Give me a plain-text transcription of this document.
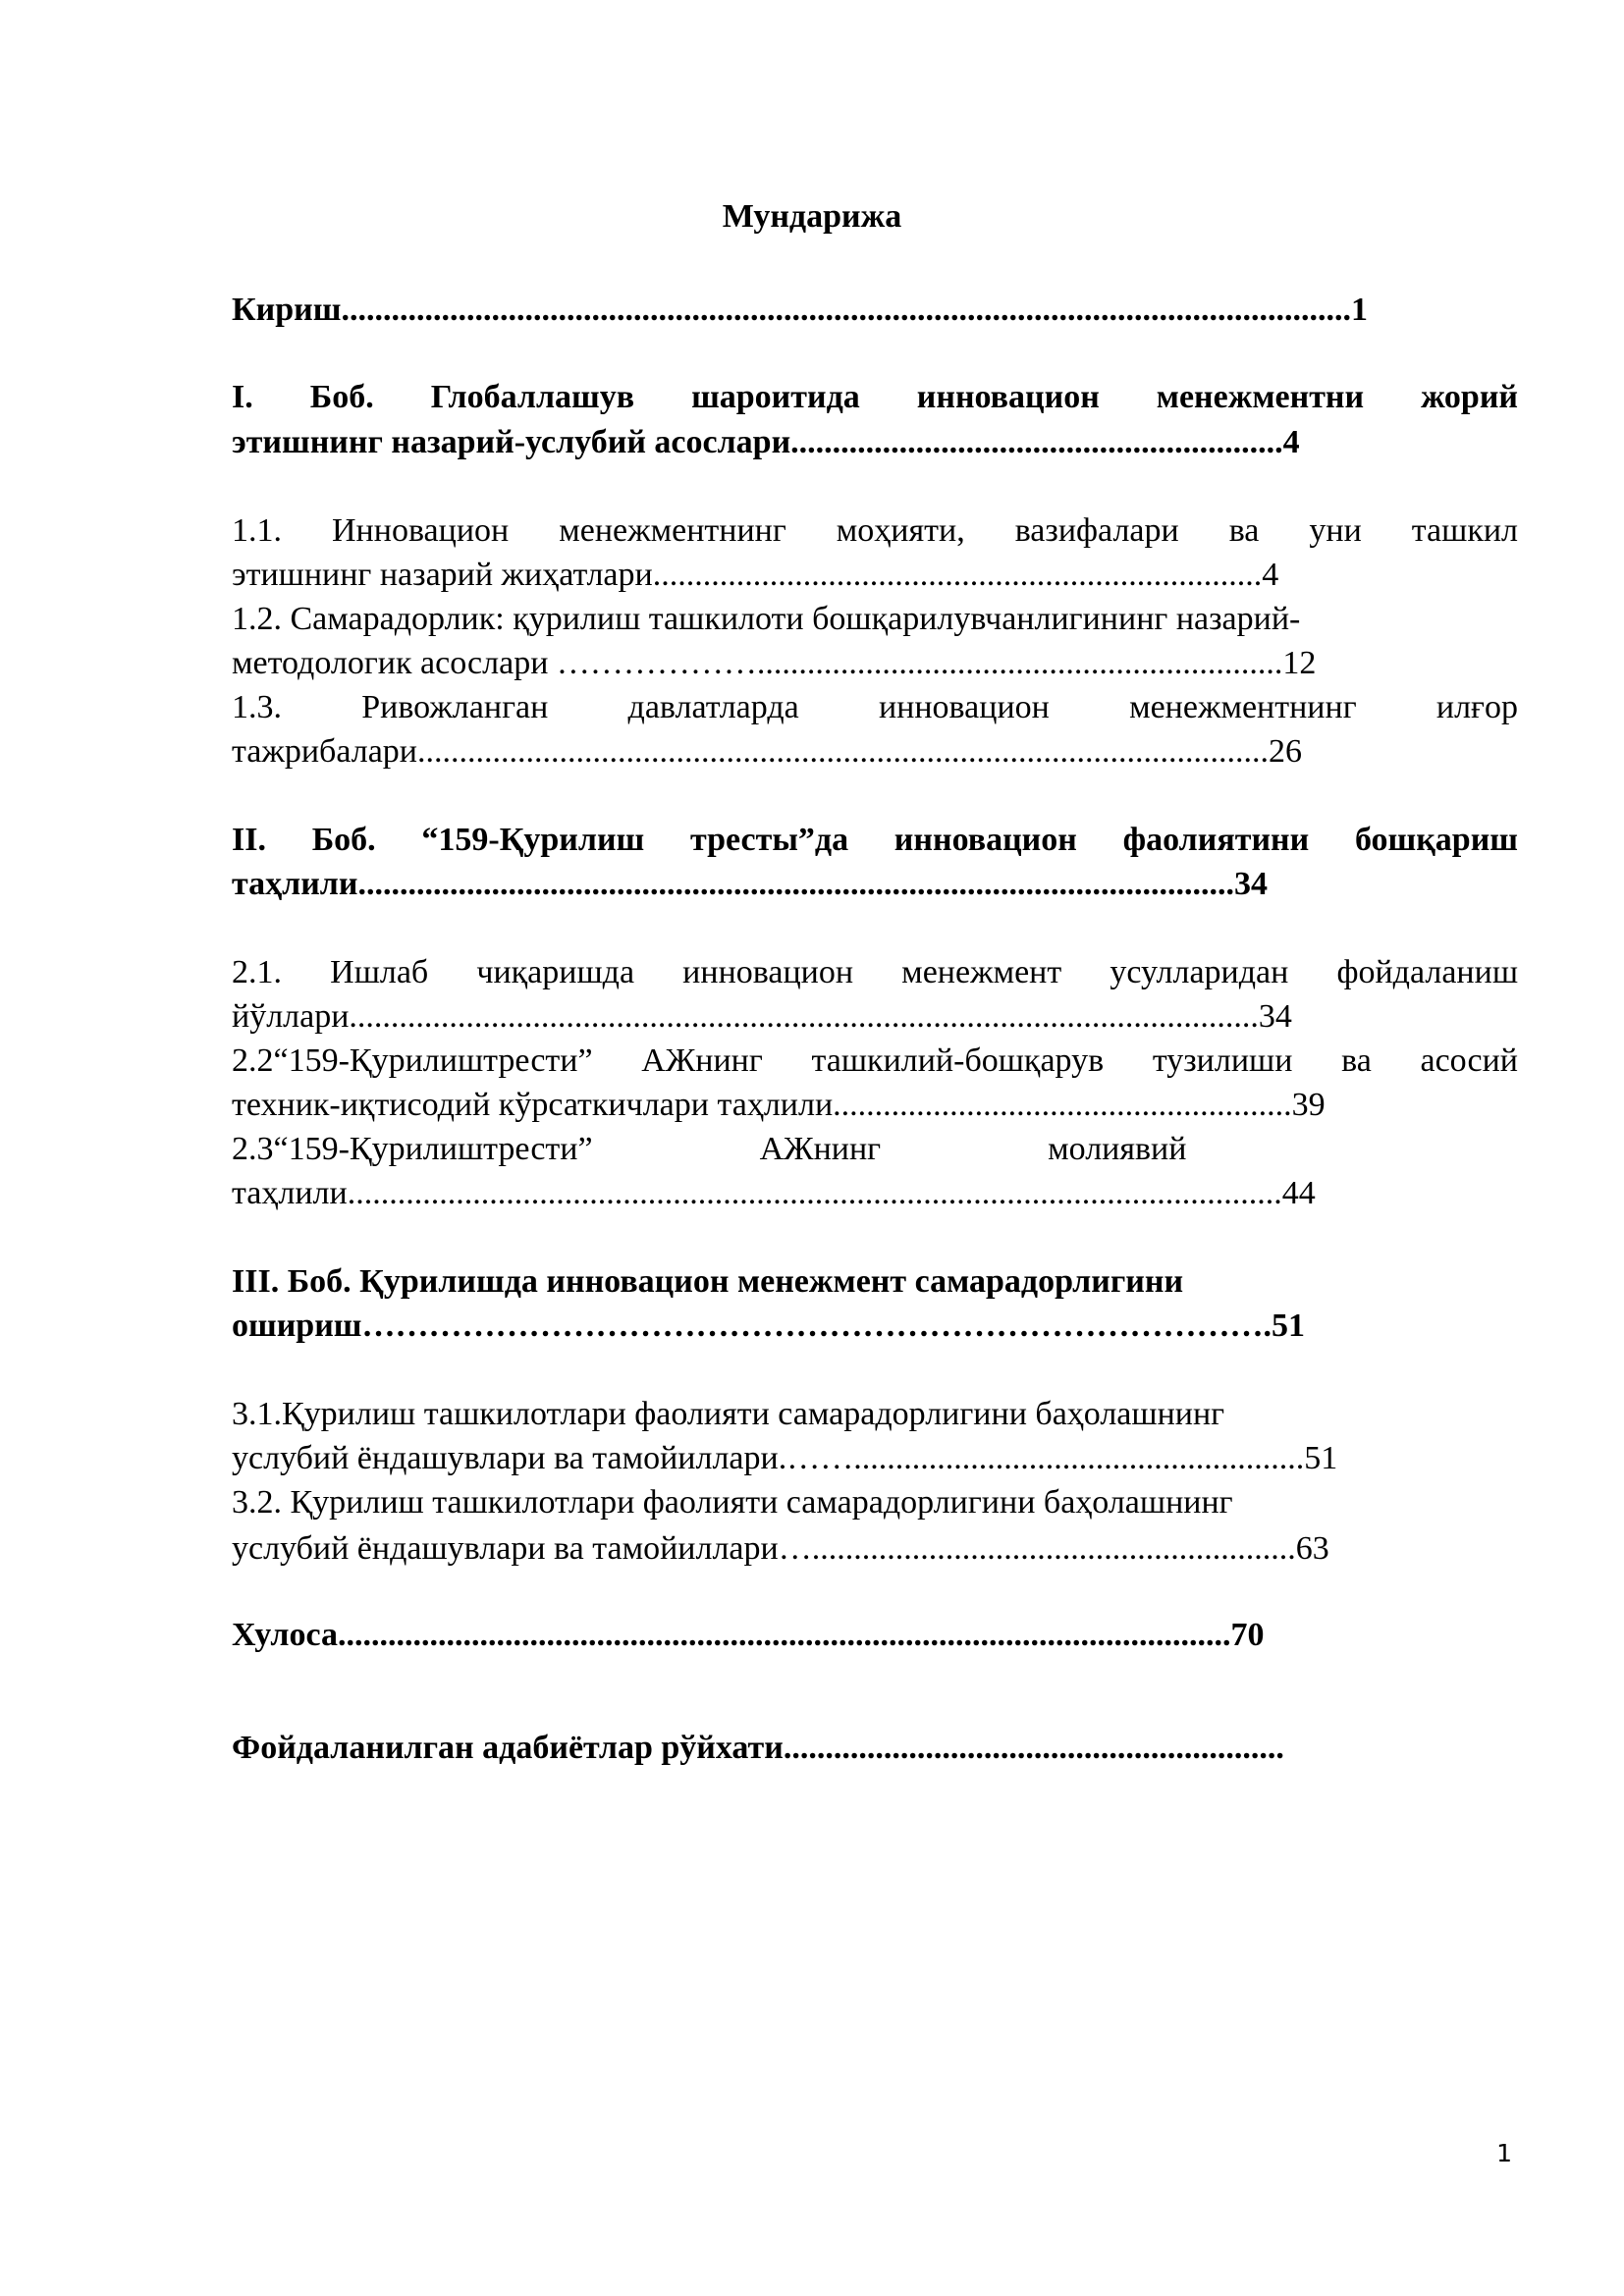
Мундарижа
Кириш.........................................................................................................................1
I. Боб. Глобаллашув шароитида инновацион менежментни жорий
этишнинг назарий-услубий асослари...........................................................4
1.1. Инновацион менежментнинг моҳияти, вазифалари ва уни ташкил
этишнинг назарий жиҳатлари.........................................................................4
1.2. Самарадорлик: қурилиш ташкилоти бошқарилувчанлигининг назарий-
методологик асослари ………………...............................................................12
1.3. Ривожланган давлатларда инновацион менежментнинг илғор
тажрибалари......................................................................................................26
II. Боб. “159-Қурилиш тресты”да инновацион фаолиятини бошқариш
таҳлили.........................................................................................................34
2.1. Ишлаб чиқаришда инновацион менежмент усулларидан фойдаланиш
йўллари.............................................................................................................34
2.2“159-Қурилиштрести” АЖнинг ташкилий-бошқарув тузилиши ва асосий
техник-иқтисодий кўрсаткичлари таҳлили.......................................................39
2.3“159-Қурилиштрести”                    АЖнинг                    молиявий
таҳлили................................................................................................................44
III. Боб. Қурилишда инновацион менежмент самарадорлигини
ошириш……………………………………………………………………….51
3.1.Қурилиш ташкилотлари фаолияти самарадорлигини баҳолашнинг
услубий ёндашувлари ва тамойиллари.……......................................................51
3.2. Қурилиш ташкилотлари фаолияти самарадорлигини баҳолашнинг
услубий ёндашувлари ва тамойиллари…..........................................................63
Хулоса...........................................................................................................70
Фойдаланилган адабиётлар рўйхати............................................................
1
